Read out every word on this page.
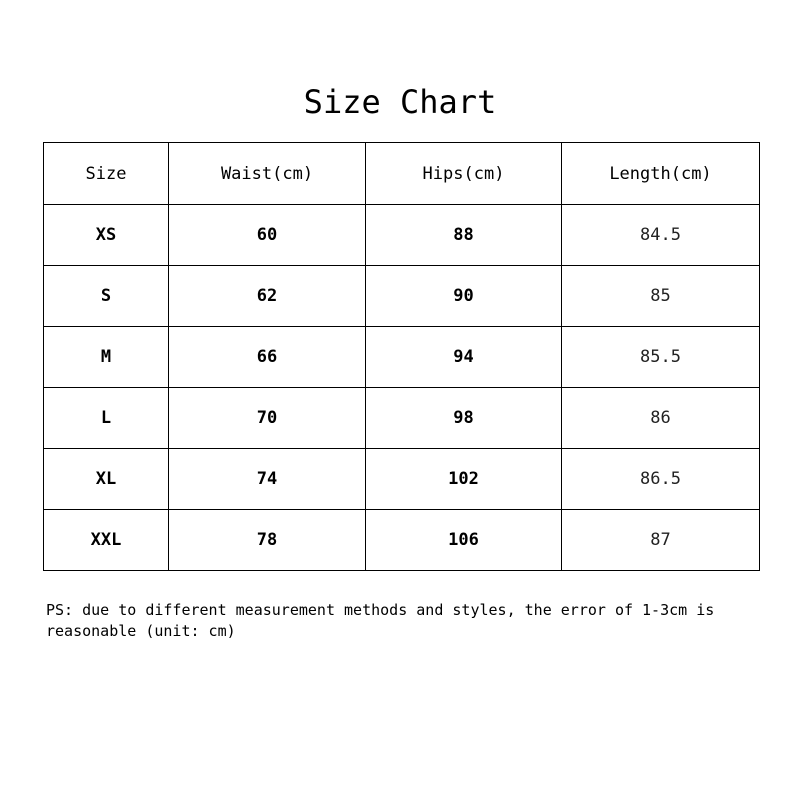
Size Chart
Size	Waist(cm)	Hips(cm)	Length(cm)
XS	60	88	84.5
S	62	90	85
M	66	94	85.5
L	70	98	86
XL	74	102	86.5
XXL	78	106	87
PS: due to different measurement methods and styles, the error of 1-3cm is reasonable (unit: cm)
